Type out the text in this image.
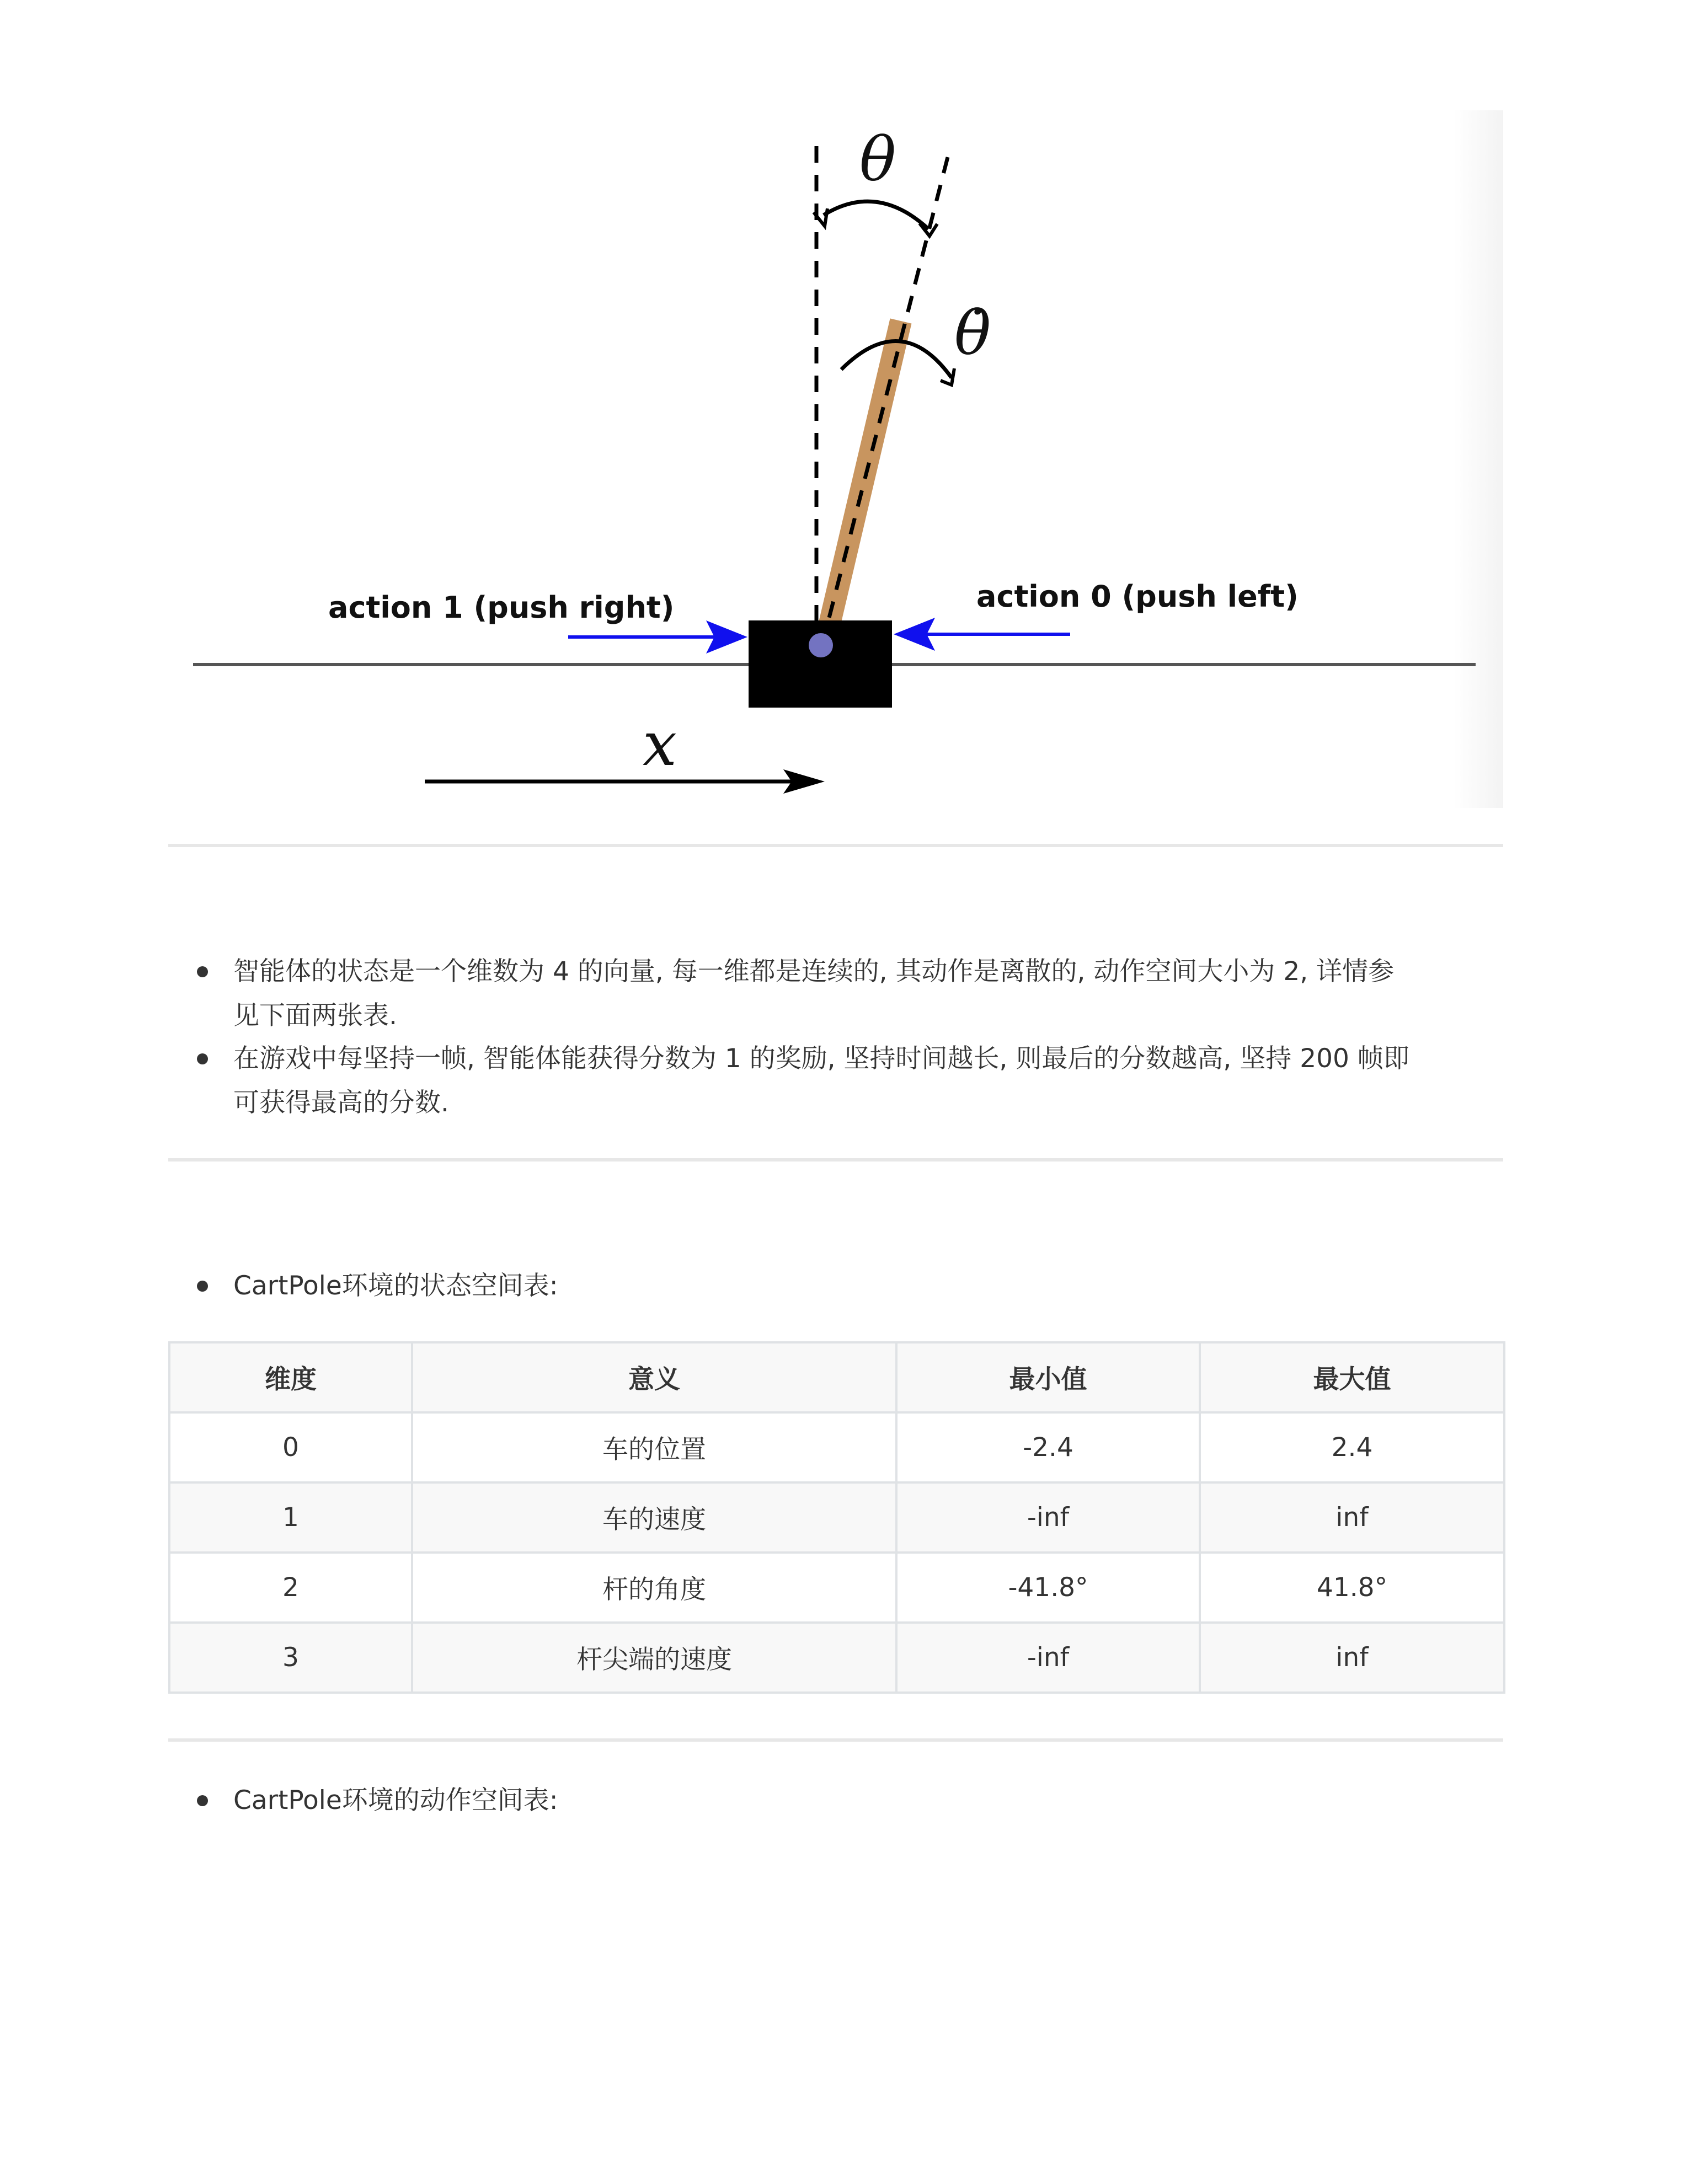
action 1 (push right)	action 0 (push left)
θ
θ̇
x
智能体的状态是一个维数为 4 的向量, 每一维都是连续的, 其动作是离散的, 动作空间大小为 2, 详情参
见下面两张表.
在游戏中每坚持一帧, 智能体能获得分数为 1 的奖励, 坚持时间越长, 则最后的分数越高, 坚持 200 帧即
可获得最高的分数.
CartPole环境的状态空间表:
维度	意义	最小值	最大值
0	车的位置	-2.4	2.4
1	车的速度	-inf	inf
2	杆的角度	-41.8°	41.8°
3	杆尖端的速度	-inf	inf
CartPole环境的动作空间表:
